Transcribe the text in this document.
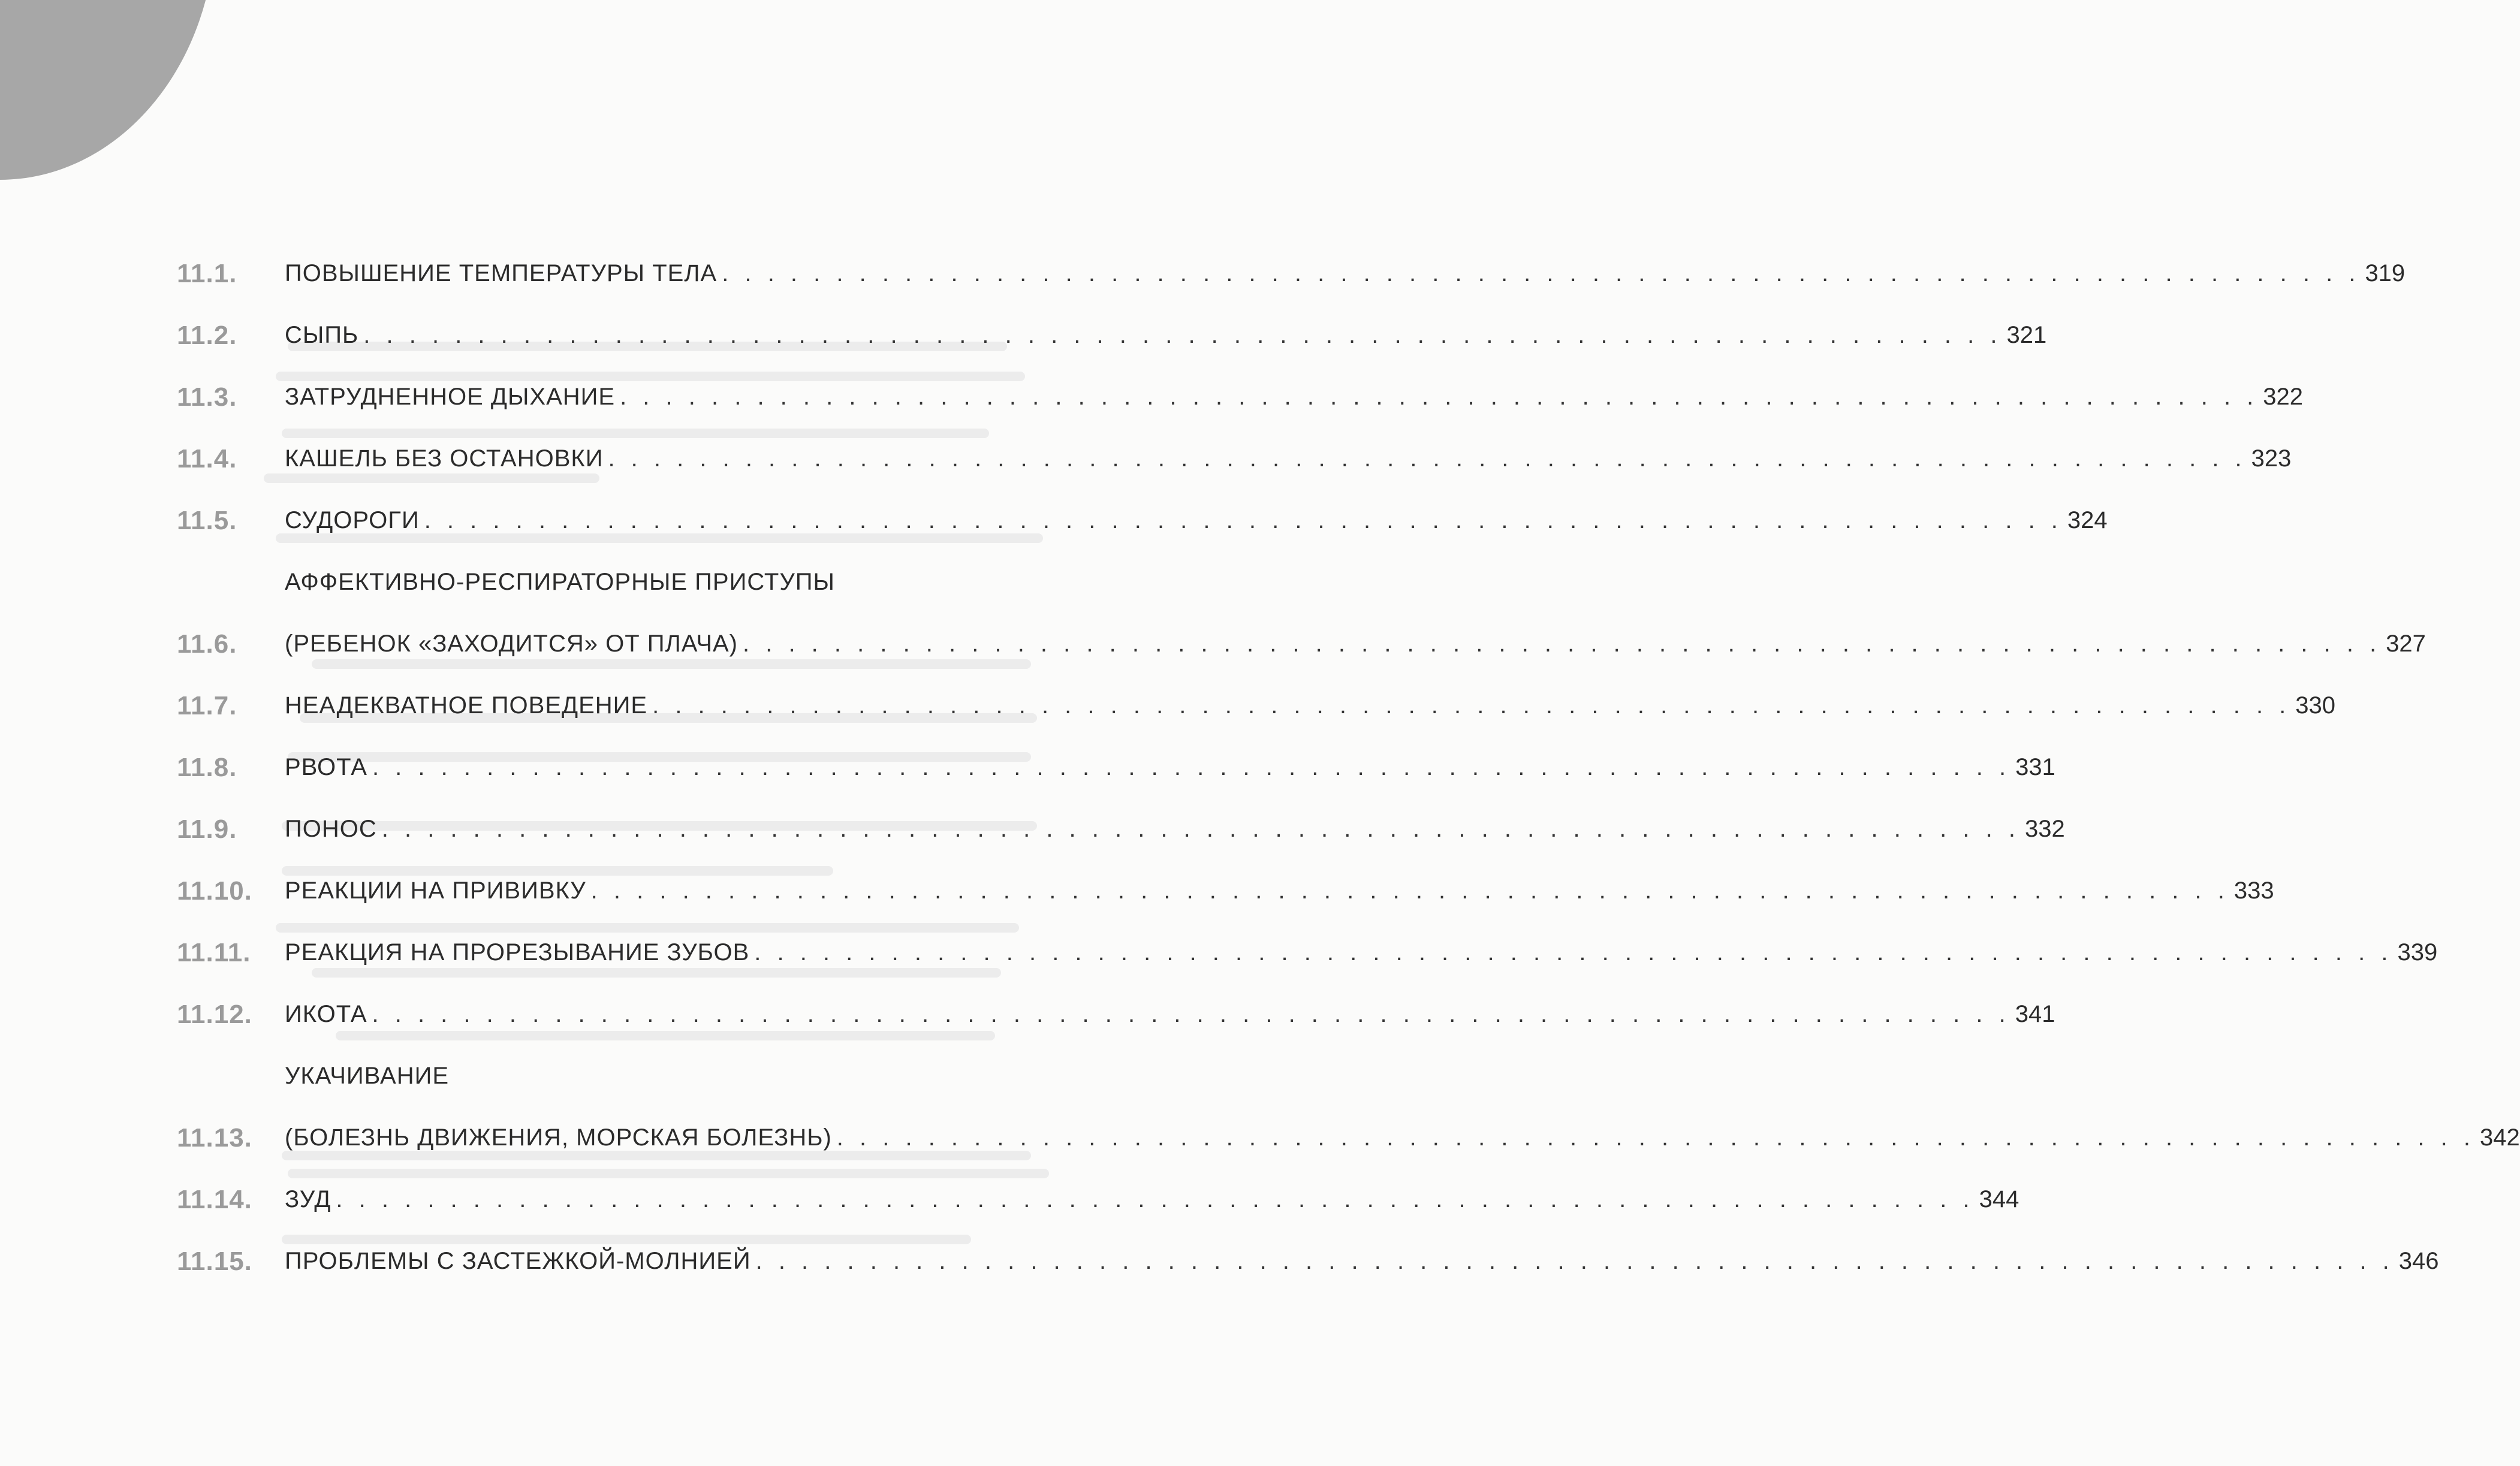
11.1.	ПОВЫШЕНИЕ ТЕМПЕРАТУРЫ ТЕЛА . . .	319
11.2.	СЫПЬ . . .	321
11.3.	ЗАТРУДНЕННОЕ ДЫХАНИЕ . . .	322
11.4.	КАШЕЛЬ БЕЗ ОСТАНОВКИ . . .	323
11.5.	СУДОРОГИ . . .	324
11.6.
АФФЕКТИВНО-РЕСПИРАТОРНЫЕ ПРИСТУПЫ
(РЕБЕНОК «ЗАХОДИТСЯ» ОТ ПЛАЧА) . . .	327
11.7.	НЕАДЕКВАТНОЕ ПОВЕДЕНИЕ . . .	330
11.8.	РВОТА . . .	331
11.9.	ПОНОС . . .	332
11.10.	РЕАКЦИИ НА ПРИВИВКУ . . .	333
11.11.	РЕАКЦИЯ НА ПРОРЕЗЫВАНИЕ ЗУБОВ . . .	339
11.12.	ИКОТА . . .	341
11.13.
УКАЧИВАНИЕ
(БОЛЕЗНЬ ДВИЖЕНИЯ, МОРСКАЯ БОЛЕЗНЬ) . . .	342
11.14.	ЗУД . . .	344
11.15.	ПРОБЛЕМЫ С ЗАСТЕЖКОЙ-МОЛНИЕЙ . . .	346
